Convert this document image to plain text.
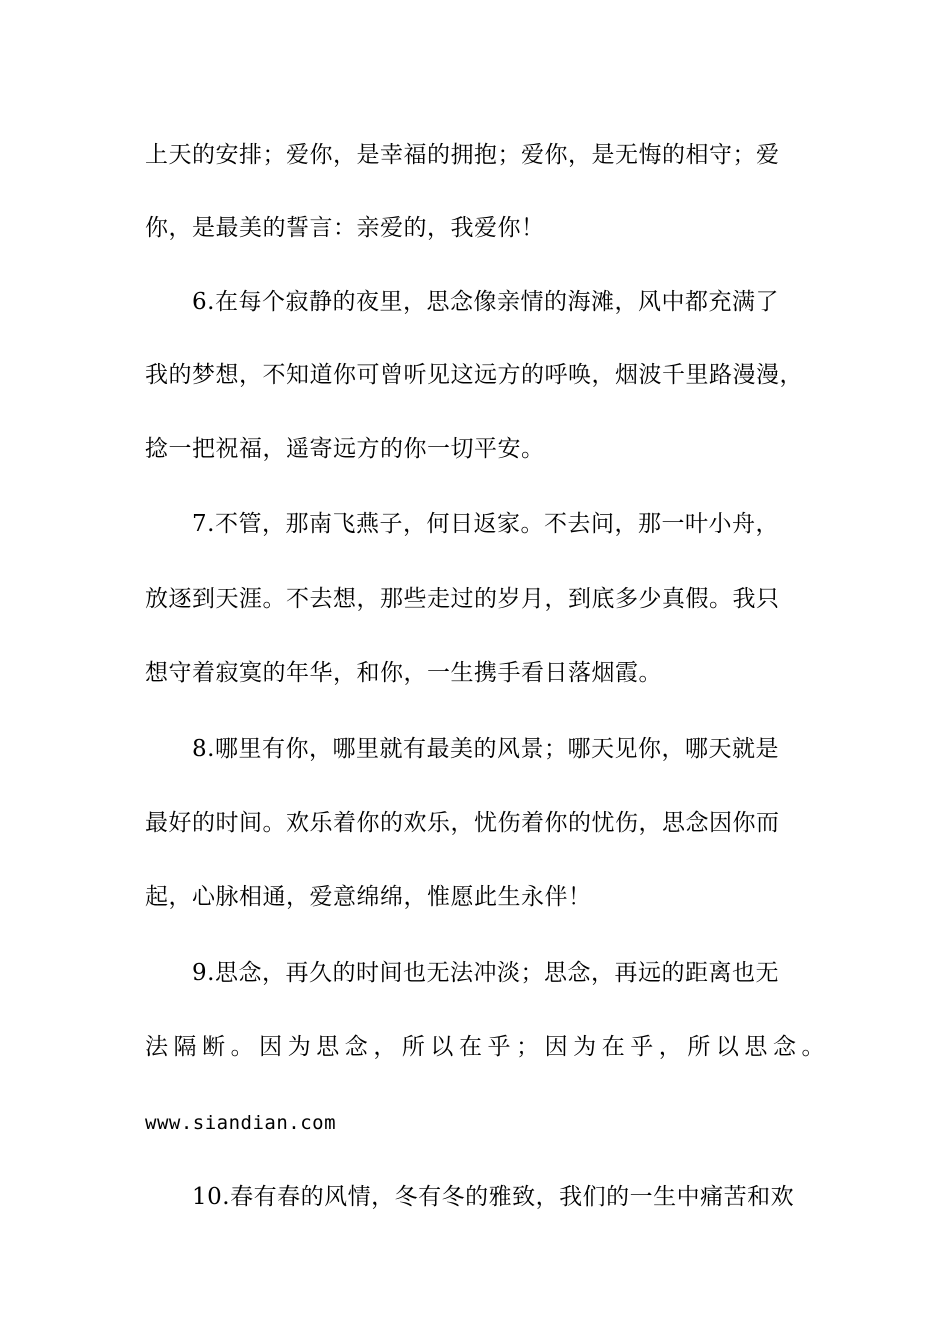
上天的安排；爱你，是幸福的拥抱；爱你，是无悔的相守；爱
你，是最美的誓言：亲爱的，我爱你！
6.在每个寂静的夜里，思念像亲情的海滩，风中都充满了
我的梦想，不知道你可曾听见这远方的呼唤，烟波千里路漫漫，
捻一把祝福，遥寄远方的你一切平安。
7.不管，那南飞燕子，何日返家。不去问，那一叶小舟，
放逐到天涯。不去想，那些走过的岁月，到底多少真假。我只
想守着寂寞的年华，和你，一生携手看日落烟霞。
8.哪里有你，哪里就有最美的风景；哪天见你，哪天就是
最好的时间。欢乐着你的欢乐，忧伤着你的忧伤，思念因你而
起，心脉相通，爱意绵绵，惟愿此生永伴！
9.思念，再久的时间也无法冲淡；思念，再远的距离也无
法隔断。因为思念，所以在乎；因为在乎，所以思念。
www.siandian.com
10.春有春的风情，冬有冬的雅致，我们的一生中痛苦和欢
